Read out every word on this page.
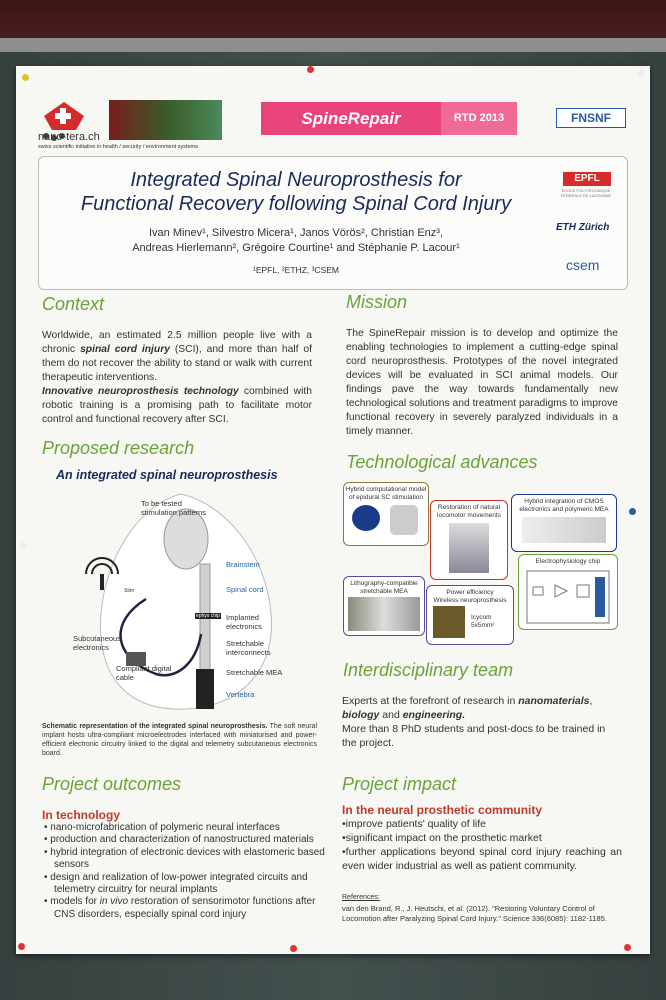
nano-tera.ch
swiss scientific initiative in health / security / environment systems
SpineRepair	RTD 2013	FNSNF
Integrated Spinal Neuroprosthesis for
Functional Recovery following Spinal Cord Injury
Ivan Minev¹, Silvestro Micera¹, Janos Vörös², Christian Enz³,
Andreas Hierlemann², Grégoire Courtine¹ and Stéphanie P. Lacour¹
¹EPFL, ²ETHZ, ³CSEM
EPFL
ECOLE POLYTECHNIQUE FEDERALE DE LAUSANNE
ETH Zürich
csem
Context
Worldwide, an estimated 2.5 million people live with a chronic spinal cord injury (SCI), and more than half of them do not recover the ability to stand or walk with current therapeutic interventions.
Innovative neuroprosthesis technology combined with robotic training is a promising path to facilitate motor control and functional recovery after SCI.
Mission
The SpineRepair mission is to develop and optimize the enabling technologies to implement a cutting-edge spinal cord neuroprosthesis. Prototypes of the novel integrated devices will be evaluated in SCI animal models. Our findings pave the way towards fundamentally new technological solutions and treatment paradigms to improve functional recovery in severely paralyzed individuals in a timely manner.
Proposed research
An integrated spinal neuroprosthesis
To be tested stimulation patterns
Brainstem
Spinal cord
Implanted electronics
Stretchable interconnects
Stretchable MEA
Vertebra
Subcutaneous electronics
Compliant digital cable
ephys chip
Stim
Schematic representation of the integrated spinal neuroprosthesis. The soft neural implant hosts ultra-compliant microelectrodes interfaced with miniaturised and power-efficient electronic circuitry linked to the digital and telemetry subcutaneous electronics board.
Technological advances
Hybrid computational model of epidural SC stimulation
Restoration of natural locomotor movements
Hybrid integration of CMOS electronics and polymeric MEA
Lithography-compatible stretchable MEA	Power efficiency
Wireless neuroprosthesis
Icycom 5x5mm²
Electrophysiology chip
Interdisciplinary team
Experts at the forefront of research in nanomaterials,
biology and engineering.
More than 8 PhD students and post-docs to be trained in the project.
Project outcomes
In technology
• nano-microfabrication of polymeric neural interfaces
• production and characterization of nanostructured materials
• hybrid integration of electronic devices with elastomeric based sensors
• design and realization of low-power integrated circuits and telemetry circuitry for neural implants
• models for in vivo restoration of sensorimotor functions after CNS disorders, especially spinal cord injury
Project impact
In the neural prosthetic community
•improve patients' quality of life
•significant impact on the prosthetic market
•further applications beyond spinal cord injury reaching an even wider industrial as well as patient community.
References:
van den Brand, R., J. Heutschi, et al. (2012). "Restoring Voluntary Control of Locomotion after Paralyzing Spinal Cord Injury." Science 336(6085): 1182-1185.
